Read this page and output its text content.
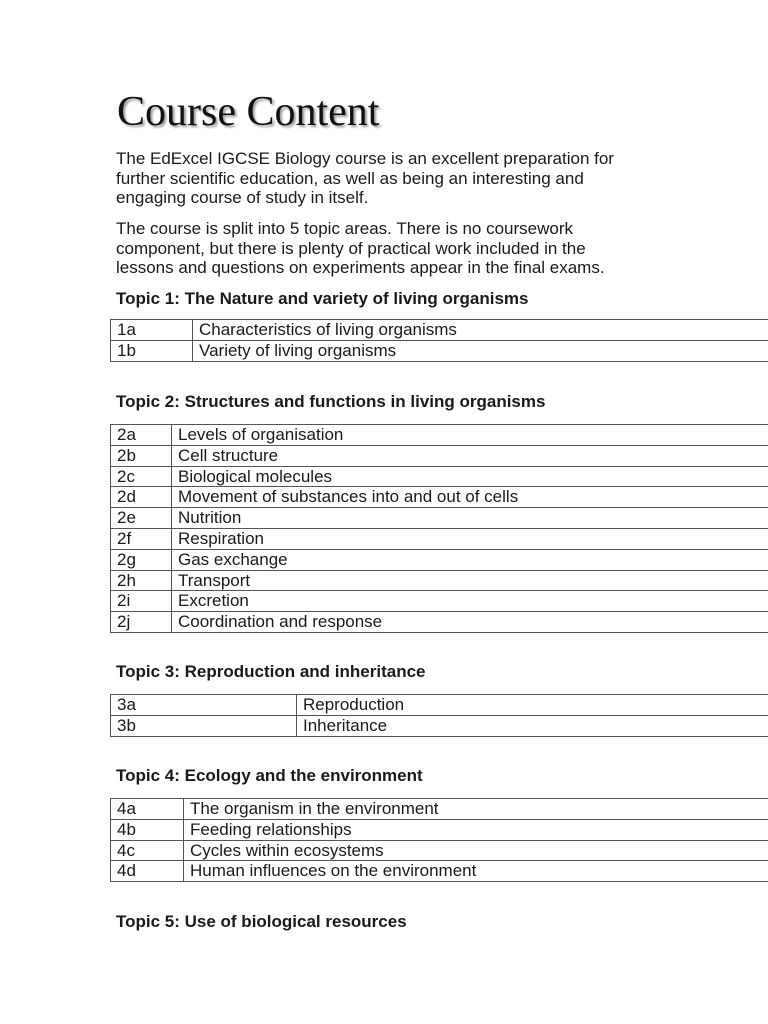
Course Content

The EdExcel IGCSE Biology course is an excellent preparation for
further scientific education, as well as being an interesting and
engaging course of study in itself.

The course is split into 5 topic areas. There is no coursework
component, but there is plenty of practical work included in the
lessons and questions on experiments appear in the final exams.

Topic 1: The Nature and variety of living organisms
1a	Characteristics of living organisms
1b	Variety of living organisms
Topic 2: Structures and functions in living organisms
2a	Levels of organisation
2b	Cell structure
2c	Biological molecules
2d	Movement of substances into and out of cells
2e	Nutrition
2f	Respiration
2g	Gas exchange
2h	Transport
2i	Excretion
2j	Coordination and response
Topic 3: Reproduction and inheritance
3a	Reproduction
3b	Inheritance
Topic 4: Ecology and the environment
4a	The organism in the environment
4b	Feeding relationships
4c	Cycles within ecosystems
4d	Human influences on the environment
Topic 5: Use of biological resources
